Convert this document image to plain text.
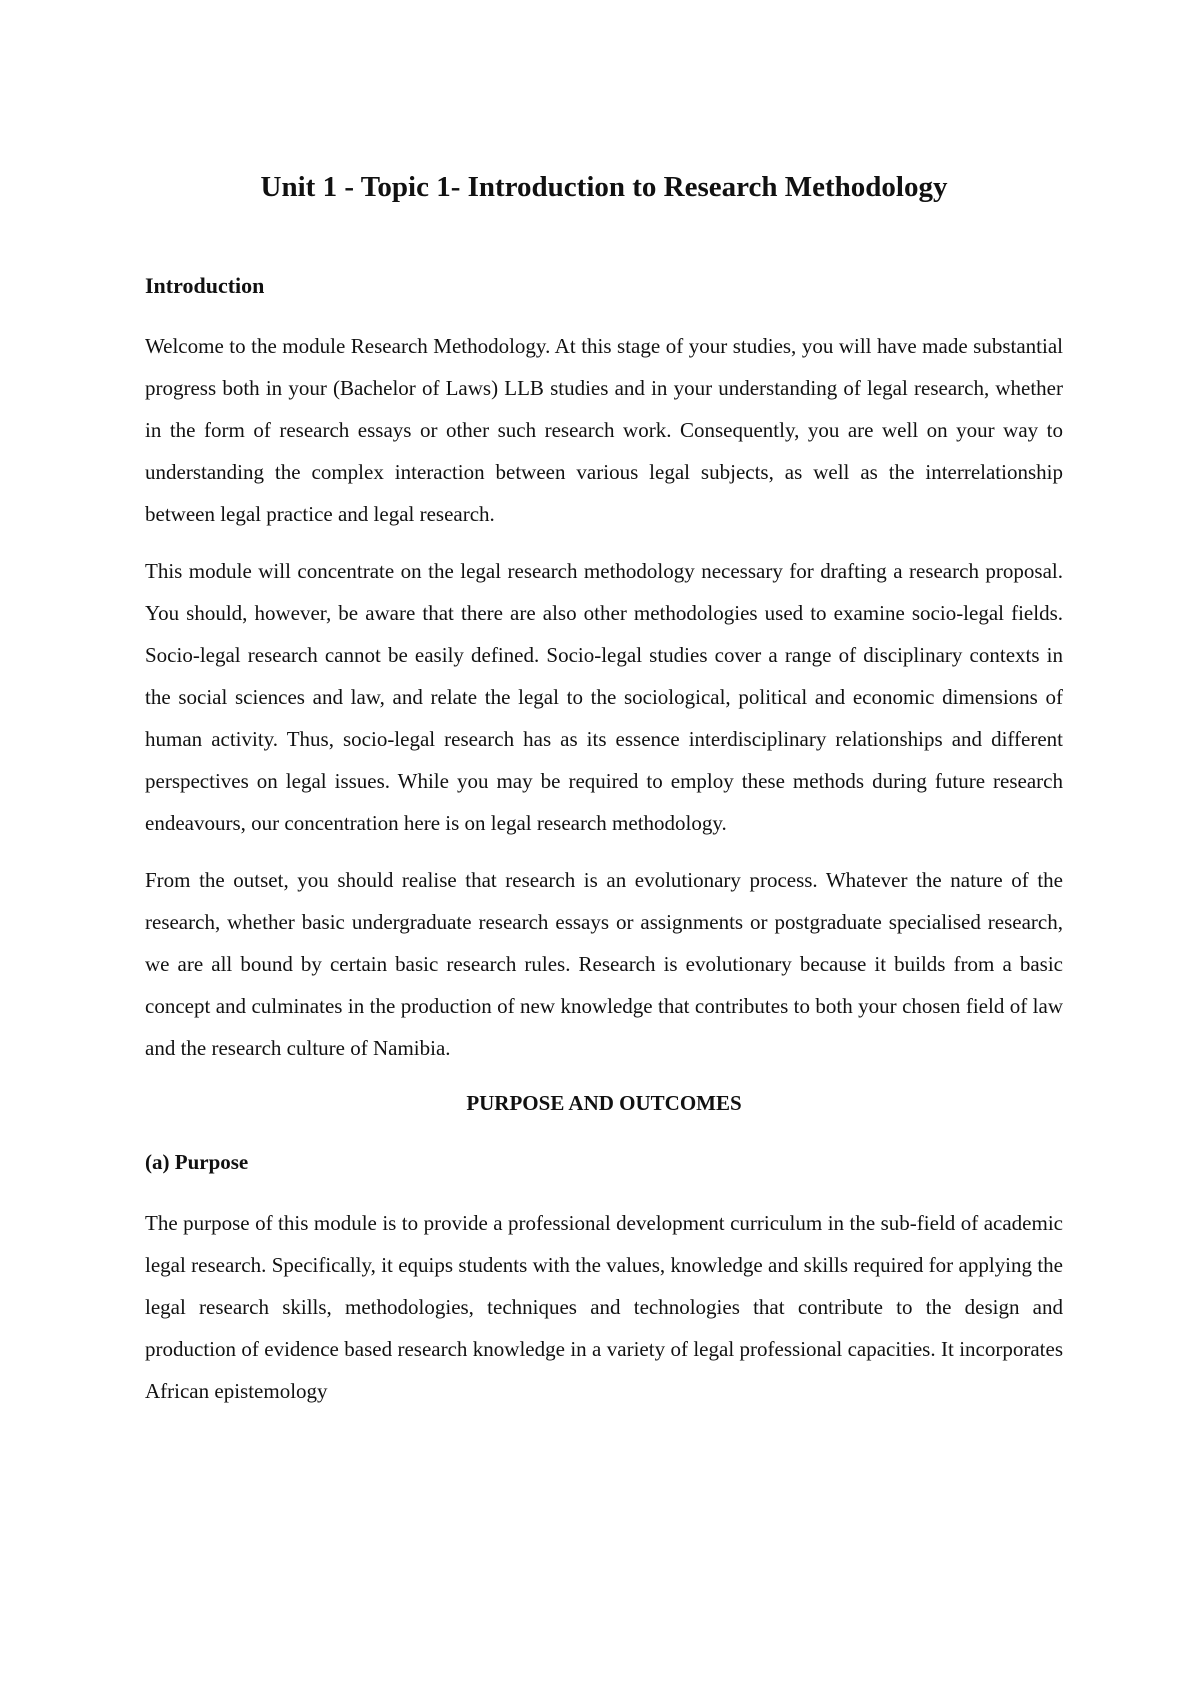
Unit 1 - Topic 1- Introduction to Research Methodology
Introduction

Welcome to the module Research Methodology. At this stage of your studies, you will have made substantial progress both in your (Bachelor of Laws) LLB studies and in your understanding of legal research, whether in the form of research essays or other such research work. Consequently, you are well on your way to understanding the complex interaction between various legal subjects, as well as the interrelationship between legal practice and legal research.

This module will concentrate on the legal research methodology necessary for drafting a research proposal. You should, however, be aware that there are also other methodologies used to examine socio-legal fields. Socio-legal research cannot be easily defined. Socio-legal studies cover a range of disciplinary contexts in the social sciences and law, and relate the legal to the sociological, political and economic dimensions of human activity. Thus, socio-legal research has as its essence interdisciplinary relationships and different perspectives on legal issues. While you may be required to employ these methods during future research endeavours, our concentration here is on legal research methodology.

From the outset, you should realise that research is an evolutionary process. Whatever the nature of the research, whether basic undergraduate research essays or assignments or postgraduate specialised research, we are all bound by certain basic research rules. Research is evolutionary because it builds from a basic concept and culminates in the production of new knowledge that contributes to both your chosen field of law and the research culture of Namibia.

PURPOSE AND OUTCOMES
(a) Purpose

The purpose of this module is to provide a professional development curriculum in the sub-field of academic legal research. Specifically, it equips students with the values, knowledge and skills required for applying the legal research skills, methodologies, techniques and technologies that contribute to the design and production of evidence based research knowledge in a variety of legal professional capacities. It incorporates African epistemology
